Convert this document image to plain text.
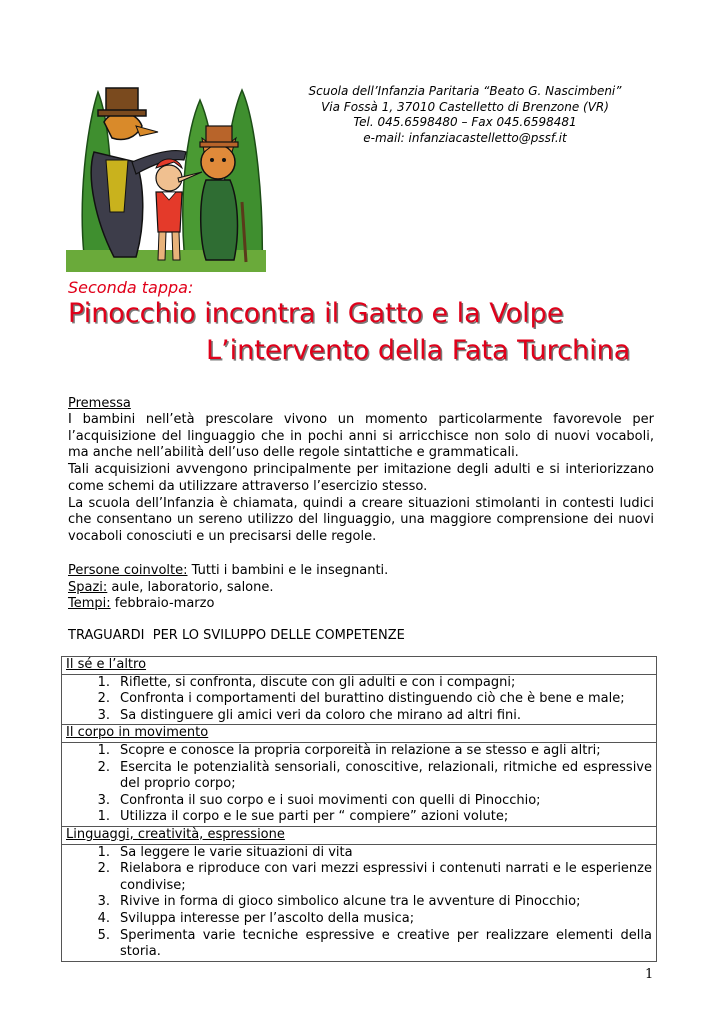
Scuola dell’Infanzia Paritaria “Beato G. Nascimbeni”
Via Fossà 1, 37010 Castelletto di Brenzone (VR)
Tel. 045.6598480 – Fax 045.6598481
e-mail: infanziacastelletto@pssf.it
Seconda tappa:
Pinocchio incontra il Gatto e la Volpe
L’intervento della Fata Turchina
Premessa

I bambini nell’età prescolare vivono un momento particolarmente favorevole per l’acquisizione del linguaggio che in pochi anni si arricchisce non solo di nuovi vocaboli, ma anche nell’abilità dell’uso delle regole sintattiche e grammaticali.

Tali acquisizioni avvengono principalmente per imitazione degli adulti e si interiorizzano come schemi da utilizzare attraverso l’esercizio stesso.

La scuola dell’Infanzia è chiamata, quindi a creare situazioni stimolanti in contesti ludici che consentano un sereno utilizzo del linguaggio, una maggiore comprensione dei nuovi vocaboli conosciuti e un precisarsi delle regole.

Persone coinvolte: Tutti i bambini e le insegnanti.
Spazi: aule, laboratorio, salone.
Tempi: febbraio-marzo
TRAGUARDI  PER LO SVILUPPO DELLE COMPETENZE
Il sé e l’altro

1. Riflette, si confronta, discute con gli adulti e con i compagni;
2. Confronta i comportamenti del burattino distinguendo ciò che è bene e male;
3. Sa distinguere gli amici veri da coloro che mirano ad altri fini.

Il corpo in movimento

1. Scopre e conosce la propria corporeità in relazione a se stesso e agli altri;
2. Esercita le potenzialità sensoriali, conoscitive, relazionali, ritmiche ed espressive del proprio corpo;
3. Confronta il suo corpo e i suoi movimenti con quelli di Pinocchio;
1. Utilizza il corpo e le sue parti per “ compiere” azioni volute;

Linguaggi, creatività, espressione

1. Sa leggere le varie situazioni di vita
2. Rielabora e riproduce con vari mezzi espressivi i contenuti narrati e le esperienze condivise;
3. Rivive in forma di gioco simbolico alcune tra le avventure di Pinocchio;
4. Sviluppa interesse per l’ascolto della musica;
5. Sperimenta varie tecniche espressive e creative per realizzare elementi della storia.
1
